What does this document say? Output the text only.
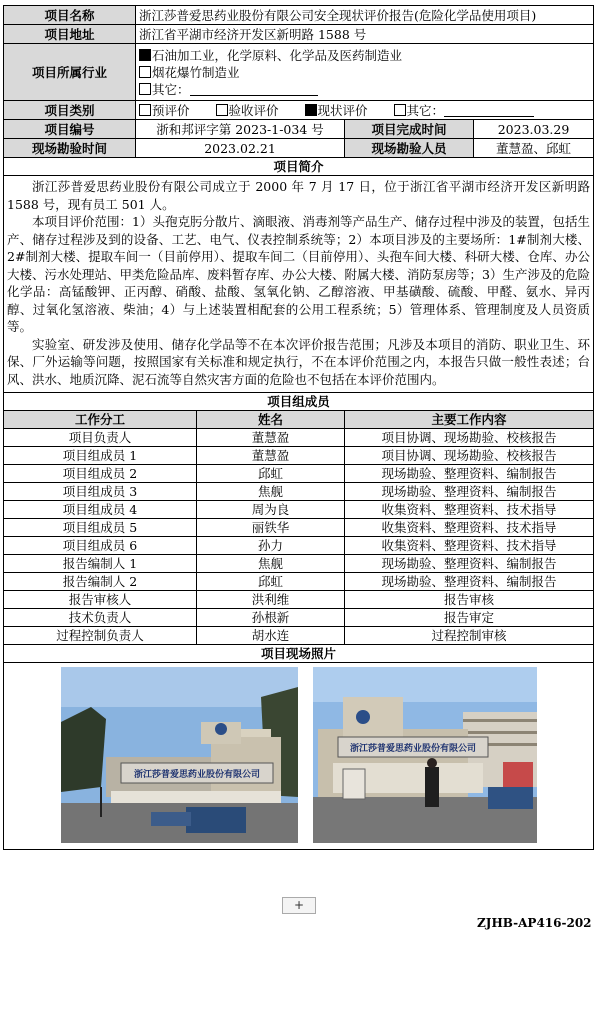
项目名称	浙江莎普爱思药业股份有限公司安全现状评价报告(危险化学品使用项目)			
项目地址	浙江省平湖市经济开发区新明路 1588 号			
项目所属行业	石油加工业，化学原料、化学品及医药制造业
烟花爆竹制造业
其它：			

项目类别	预评价 验收评价 现状评价 其它：			
项目编号	浙和邦评字第 2023-1-034 号		项目完成时间	2023.03.29
现场勘验时间	2023.02.21		现场勘验人员	董慧盈、邱虹
项目简介				

浙江莎普爱思药业股份有限公司成立于 2000 年 7 月 17 日，位于浙江省平湖市经济开发区新明路 1588 号，现有员工 501 人。

本项目评价范围：1）头孢克肟分散片、滴眼液、消毒剂等产品生产、储存过程中涉及的装置，包括生产、储存过程涉及到的设备、工艺、电气、仪表控制系统等；2）本项目涉及的主要场所：1#制剂大楼、2#制剂大楼、提取车间一（目前停用）、提取车间二（目前停用）、头孢车间大楼、科研大楼、仓库、办公大楼、污水处理站、甲类危险品库、废料暂存库、办公大楼、附属大楼、消防泵房等；3）生产涉及的危险化学品：高锰酸钾、正丙醇、硝酸、盐酸、氢氧化钠、乙醇溶液、甲基磺酸、硫酸、甲醛、氨水、异丙醇、过氧化氢溶液、柴油；4）与上述装置相配套的公用工程系统；5）管理体系、管理制度及人员资质等。

实验室、研发涉及使用、储存化学品等不在本次评价报告范围；凡涉及本项目的消防、职业卫生、环保、厂外运输等问题，按照国家有关标准和规定执行，不在本评价范围之内，本报告只做一般性表述；台风、洪水、地质沉降、泥石流等自然灾害方面的危险也不包括在本评价范围内。				

项目组成员				
工作分工		姓名	主要工作内容	
项目负责人		董慧盈	项目协调、现场勘验、校核报告	
项目组成员 1		董慧盈	项目协调、现场勘验、校核报告	
项目组成员 2		邱虹	现场勘验、整理资料、编制报告	
项目组成员 3		焦舰	现场勘验、整理资料、编制报告	
项目组成员 4		周为良	收集资料、整理资料、技术指导	
项目组成员 5		丽铁华	收集资料、整理资料、技术指导	
项目组成员 6		孙力	收集资料、整理资料、技术指导	
报告编制人 1		焦舰	现场勘验、整理资料、编制报告	
报告编制人 2		邱虹	现场勘验、整理资料、编制报告	
报告审核人		洪利维	报告审核	
技术负责人		孙根新	报告审定	
过程控制负责人		胡水连	过程控制审核	
项目现场照片				

浙江莎普爱思药业股份有限公司
浙江莎普爱思药业股份有限公司				
+
ZJHB-AP416-202
